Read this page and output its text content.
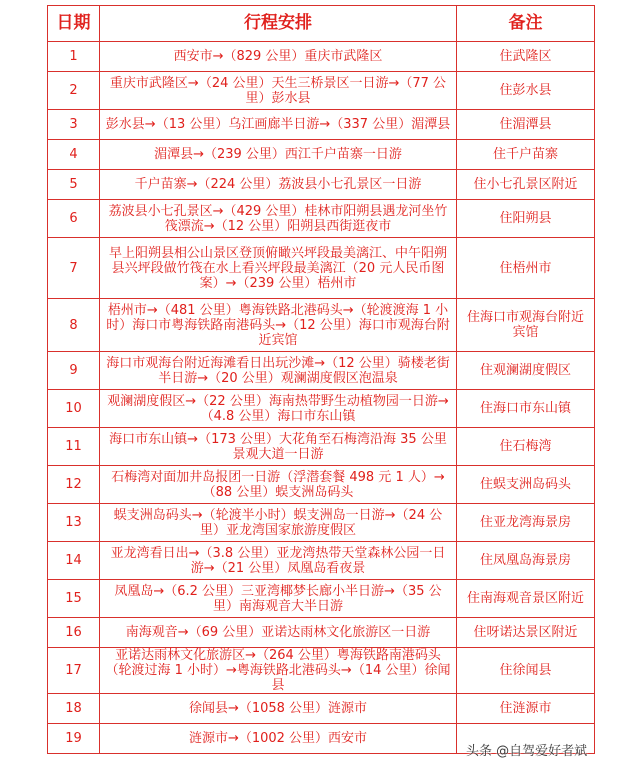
日期	行程安排	备注
1	西安市→（829 公里）重庆市武隆区	住武隆区
2	重庆市武隆区→（24 公里）天生三桥景区一日游→（77 公里）彭水县	住彭水县
3	彭水县→（13 公里）乌江画廊半日游→（337 公里）湄潭县	住湄潭县
4	湄潭县→（239 公里）西江千户苗寨一日游	住千户苗寨
5	千户苗寨→（224 公里）荔波县小七孔景区一日游	住小七孔景区附近
6	荔波县小七孔景区→（429 公里）桂林市阳朔县遇龙河坐竹筏漂流→（12 公里）阳朔县西街逛夜市	住阳朔县
7	早上阳朔县相公山景区登顶俯瞰兴坪段最美漓江、中午阳朔县兴坪段做竹筏在水上看兴坪段最美漓江（20 元人民币图案）→（239 公里）梧州市	住梧州市
8	梧州市→（481 公里）粤海铁路北港码头→（轮渡渡海 1 小时）海口市粤海铁路南港码头→（12 公里）海口市观海台附近宾馆	住海口市观海台附近宾馆
9	海口市观海台附近海滩看日出玩沙滩→（12 公里）骑楼老街半日游→（20 公里）观澜湖度假区泡温泉	住观澜湖度假区
10	观澜湖度假区→（22 公里）海南热带野生动植物园一日游→（4.8 公里）海口市东山镇	住海口市东山镇
11	海口市东山镇→（173 公里）大花角至石梅湾沿海 35 公里景观大道一日游	住石梅湾
12	石梅湾对面加井岛报团一日游（浮潜套餐 498 元 1 人）→（88 公里）蜈支洲岛码头	住蜈支洲岛码头
13	蜈支洲岛码头→（轮渡半小时）蜈支洲岛一日游→（24 公里）亚龙湾国家旅游度假区	住亚龙湾海景房
14	亚龙湾看日出→（3.8 公里）亚龙湾热带天堂森林公园一日游→（21 公里）凤凰岛看夜景	住凤凰岛海景房
15	凤凰岛→（6.2 公里）三亚湾椰梦长廊小半日游→（35 公里）南海观音大半日游	住南海观音景区附近
16	南海观音→（69 公里）亚诺达雨林文化旅游区一日游	住呀诺达景区附近
17	亚诺达雨林文化旅游区→（264 公里）粤海铁路南港码头（轮渡过海 1 小时）→粤海铁路北港码头→（14 公里）徐闻县	住徐闻县
18	徐闻县→（1058 公里）涟源市	住涟源市
19	涟源市→（1002 公里）西安市	
头条 @自驾爱好者斌
